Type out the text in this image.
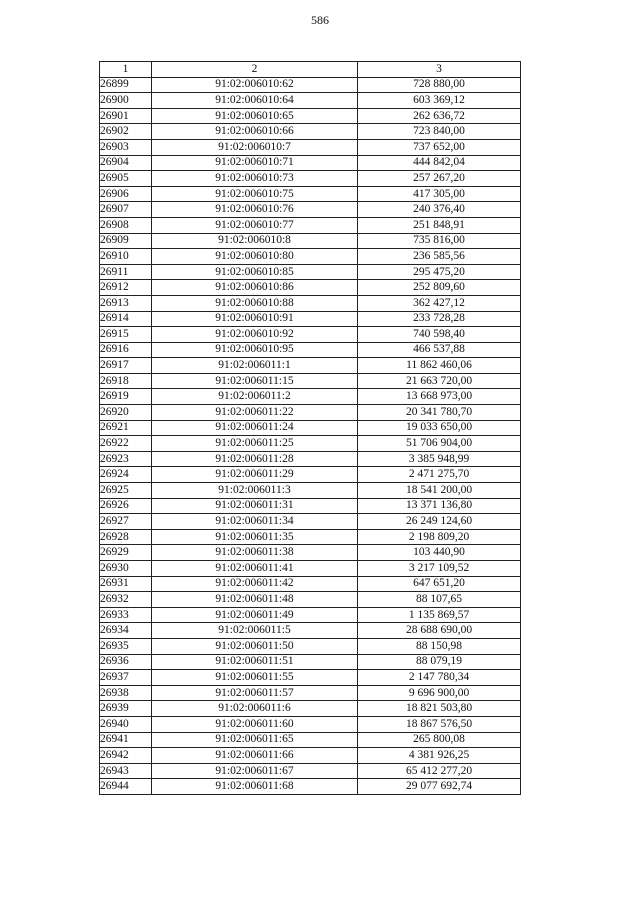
586
1	2	3
26899	91:02:006010:62	728 880,00
26900	91:02:006010:64	603 369,12
26901	91:02:006010:65	262 636,72
26902	91:02:006010:66	723 840,00
26903	91:02:006010:7	737 652,00
26904	91:02:006010:71	444 842,04
26905	91:02:006010:73	257 267,20
26906	91:02:006010:75	417 305,00
26907	91:02:006010:76	240 376,40
26908	91:02:006010:77	251 848,91
26909	91:02:006010:8	735 816,00
26910	91:02:006010:80	236 585,56
26911	91:02:006010:85	295 475,20
26912	91:02:006010:86	252 809,60
26913	91:02:006010:88	362 427,12
26914	91:02:006010:91	233 728,28
26915	91:02:006010:92	740 598,40
26916	91:02:006010:95	466 537,88
26917	91:02:006011:1	11 862 460,06
26918	91:02:006011:15	21 663 720,00
26919	91:02:006011:2	13 668 973,00
26920	91:02:006011:22	20 341 780,70
26921	91:02:006011:24	19 033 650,00
26922	91:02:006011:25	51 706 904,00
26923	91:02:006011:28	3 385 948,99
26924	91:02:006011:29	2 471 275,70
26925	91:02:006011:3	18 541 200,00
26926	91:02:006011:31	13 371 136,80
26927	91:02:006011:34	26 249 124,60
26928	91:02:006011:35	2 198 809,20
26929	91:02:006011:38	103 440,90
26930	91:02:006011:41	3 217 109,52
26931	91:02:006011:42	647 651,20
26932	91:02:006011:48	88 107,65
26933	91:02:006011:49	1 135 869,57
26934	91:02:006011:5	28 688 690,00
26935	91:02:006011:50	88 150,98
26936	91:02:006011:51	88 079,19
26937	91:02:006011:55	2 147 780,34
26938	91:02:006011:57	9 696 900,00
26939	91:02:006011:6	18 821 503,80
26940	91:02:006011:60	18 867 576,50
26941	91:02:006011:65	265 800,08
26942	91:02:006011:66	4 381 926,25
26943	91:02:006011:67	65 412 277,20
26944	91:02:006011:68	29 077 692,74
